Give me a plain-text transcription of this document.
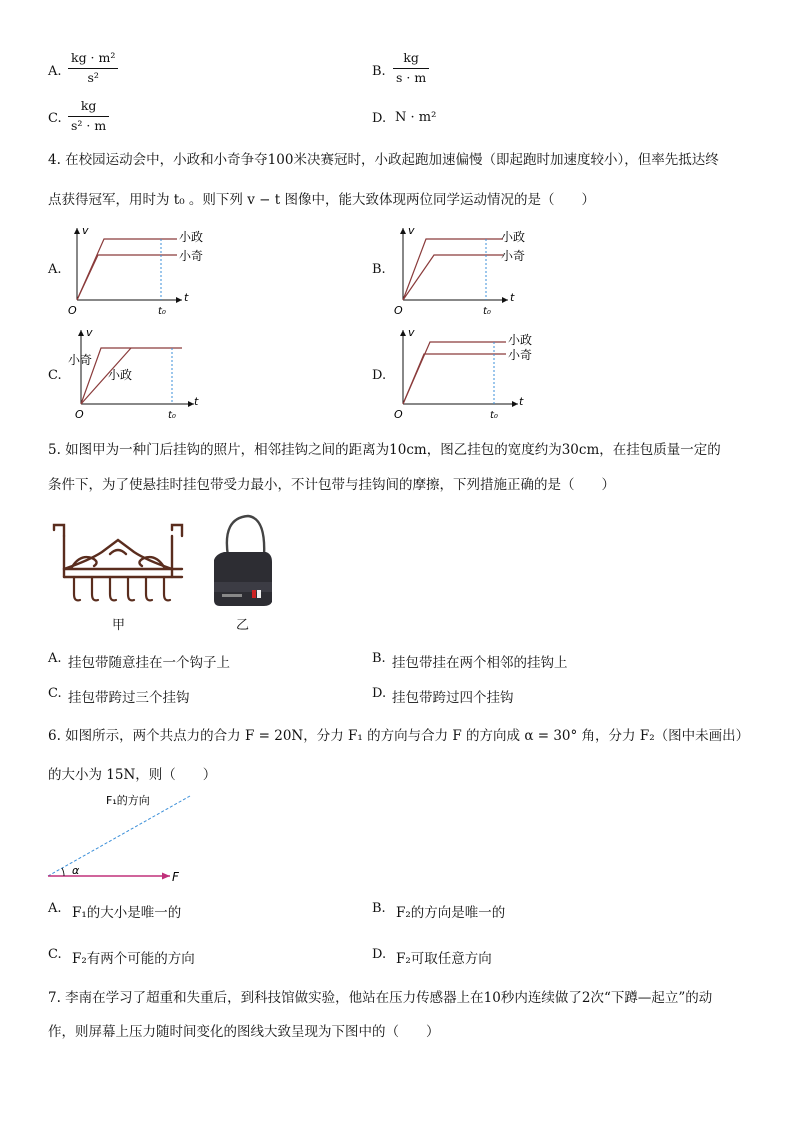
A. $\frac{\text{kg · m²}}{\text{s²}}$	B. $\frac{kg}{s \cdot m}$
C. $\frac{kg}{\text{s² · m}}$	D. N · m²
4. 在校园运动会中，小政和小奇争夺100米决赛冠时，小政起跑加速偏慢（即起跑时加速度较小），但率先抵达终
点获得冠军，用时为 t₀ 。则下列 v − t 图像中，能大致体现两位同学运动情况的是（　　）
A.
v
t
O	t₀
小政
小奇
B.
v
t
O	t₀
小政
小奇
C.
v
t
O	t₀
小奇
小政	D.
v
t
O	t₀
小政
小奇
5. 如图甲为一种门后挂钩的照片，相邻挂钩之间的距离为10cm，图乙挂包的宽度约为30cm，在挂包质量一定的
条件下，为了使悬挂时挂包带受力最小，不计包带与挂钩间的摩擦，下列措施正确的是（　　）
甲	乙
A. 挂包带随意挂在一个钩子上	B. 挂包带挂在两个相邻的挂钩上
C. 挂包带跨过三个挂钩	D. 挂包带跨过四个挂钩
6. 如图所示，两个共点力的合力 F = 20N，分力 F₁ 的方向与合力 F 的方向成 α = 30° 角，分力 F₂（图中未画出）
的大小为 15N，则（　　）
α	F
F₁的方向
A. F₁的大小是唯一的	B. F₂的方向是唯一的
C. F₂有两个可能的方向	D. F₂可取任意方向
7. 李南在学习了超重和失重后，到科技馆做实验，他站在压力传感器上在10秒内连续做了2次“下蹲—起立”的动
作，则屏幕上压力随时间变化的图线大致呈现为下图中的（　　）
